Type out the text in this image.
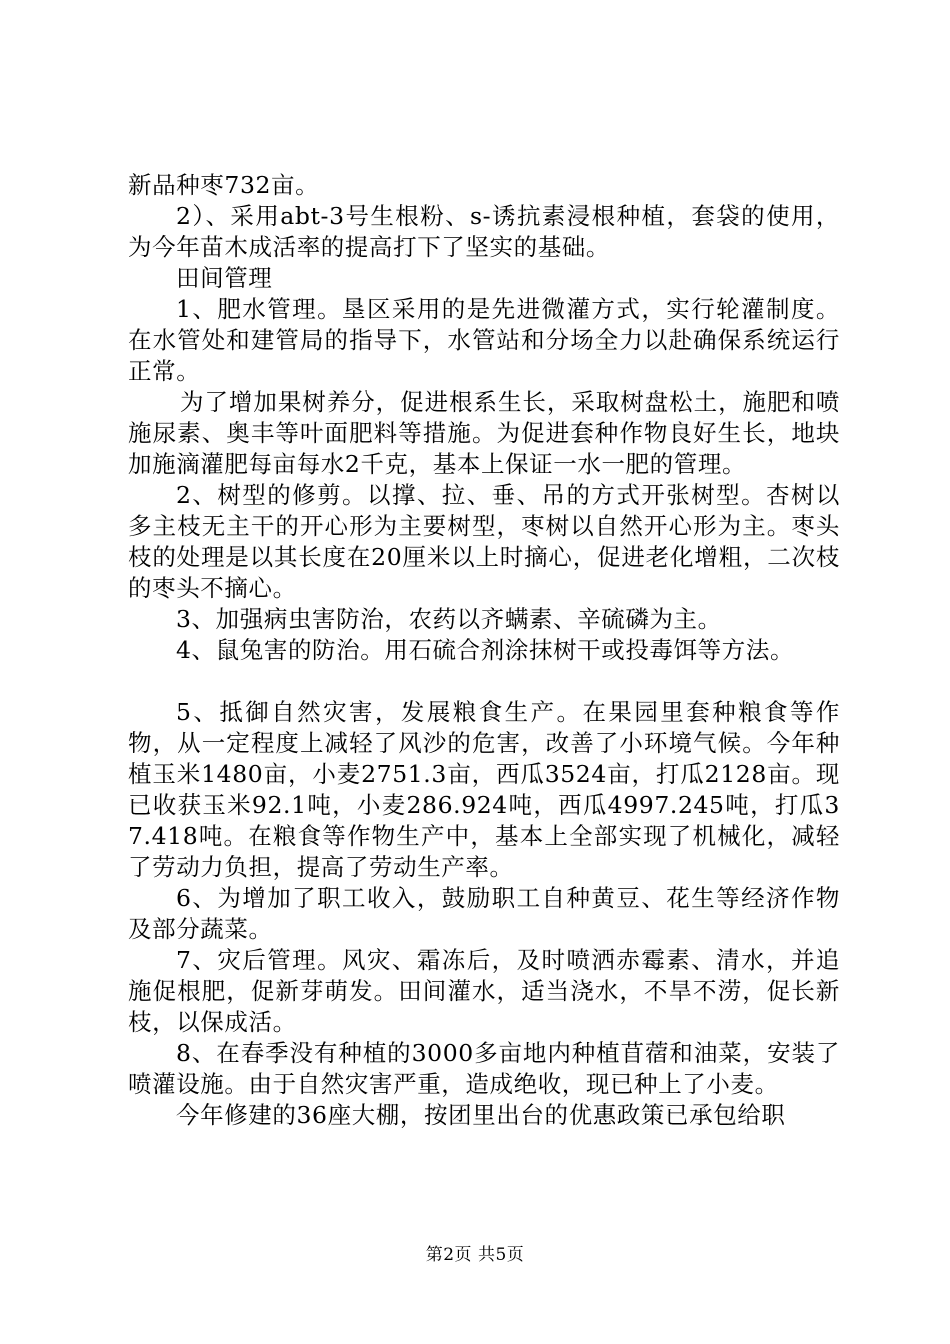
新品种枣732亩。

2）、采用abt-3号生根粉、s-诱抗素浸根种植，套袋的使用，为今年苗木成活率的提高打下了坚实的基础。

田间管理

1、肥水管理。垦区采用的是先进微灌方式，实行轮灌制度。在水管处和建管局的指导下，水管站和分场全力以赴确保系统运行正常。

为了增加果树养分，促进根系生长，采取树盘松土，施肥和喷施尿素、奥丰等叶面肥料等措施。为促进套种作物良好生长，地块加施滴灌肥每亩每水2千克，基本上保证一水一肥的管理。

2、树型的修剪。以撑、拉、垂、吊的方式开张树型。杏树以多主枝无主干的开心形为主要树型，枣树以自然开心形为主。枣头枝的处理是以其长度在20厘米以上时摘心，促进老化增粗，二次枝的枣头不摘心。

3、加强病虫害防治，农药以齐螨素、辛硫磷为主。

4、鼠兔害的防治。用石硫合剂涂抹树干或投毒饵等方法。

5、抵御自然灾害，发展粮食生产。在果园里套种粮食等作物，从一定程度上减轻了风沙的危害，改善了小环境气候。今年种植玉米1480亩，小麦2751.3亩，西瓜3524亩，打瓜2128亩。现已收获玉米92.1吨，小麦286.924吨，西瓜4997.245吨，打瓜37.418吨。在粮食等作物生产中，基本上全部实现了机械化，减轻了劳动力负担，提高了劳动生产率。

6、为增加了职工收入，鼓励职工自种黄豆、花生等经济作物及部分蔬菜。

7、灾后管理。风灾、霜冻后，及时喷洒赤霉素、清水，并追施促根肥，促新芽萌发。田间灌水，适当浇水，不旱不涝，促长新枝，以保成活。

8、在春季没有种植的3000多亩地内种植苜蓿和油菜，安装了喷灌设施。由于自然灾害严重，造成绝收，现已种上了小麦。

今年修建的36座大棚，按团里出台的优惠政策已承包给职

第2页 共5页
